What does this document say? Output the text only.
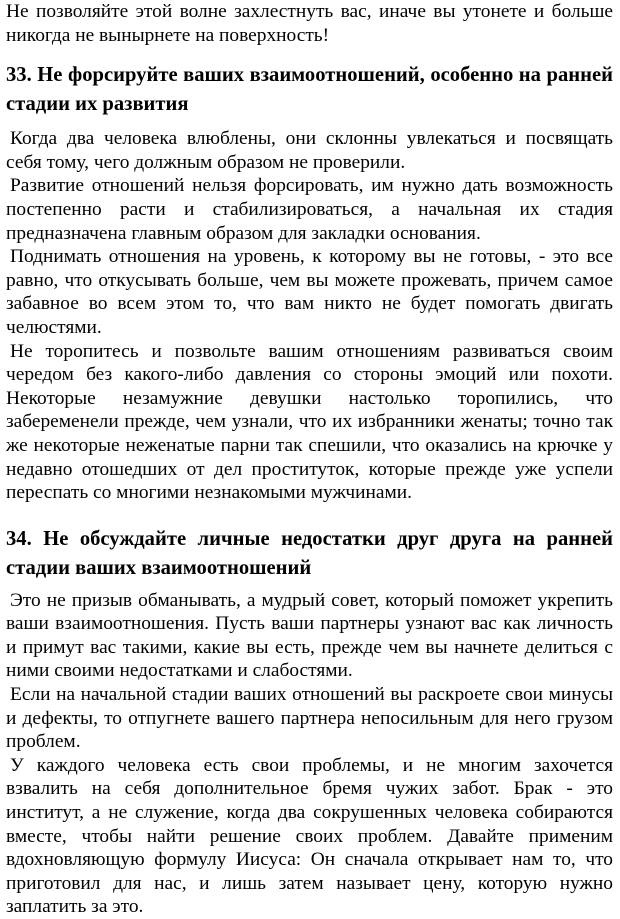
Не позволяйте этой волне захлестнуть вас, иначе вы утонете и больше никогда не вынырнете на поверхность!

33. Не форсируйте ваших взаимоотношений, особенно на ранней стадии их развития

Когда два человека влюблены, они склонны увлекаться и посвящать себя тому, чего должным образом не проверили.

Развитие отношений нельзя форсировать, им нужно дать возможность постепенно расти и стабилизироваться, а начальная их стадия предназначена главным образом для закладки основания.

Поднимать отношения на уровень, к которому вы не готовы, - это все равно, что откусывать больше, чем вы можете прожевать, причем самое забавное во всем этом то, что вам никто не будет помогать двигать челюстями.

Не торопитесь и позвольте вашим отношениям развиваться своим чередом без какого-либо давления со стороны эмоций или похоти. Некоторые незамужние девушки настолько торопились, что забеременели прежде, чем узнали, что их избранники женаты; точно так же некоторые неженатые парни так спешили, что оказались на крючке у недавно отошедших от дел проституток, которые прежде уже успели переспать со многими незнакомыми мужчинами.

34. Не обсуждайте личные недостатки друг друга на ранней стадии ваших взаимоотношений

Это не призыв обманывать, а мудрый совет, который поможет укрепить ваши взаимоотношения. Пусть ваши партнеры узнают вас как личность и примут вас такими, какие вы есть, прежде чем вы начнете делиться с ними своими недостатками и слабостями.

Если на начальной стадии ваших отношений вы раскроете свои минусы и дефекты, то отпугнете вашего партнера непосильным для него грузом проблем.

У каждого человека есть свои проблемы, и не многим захочется взвалить на себя дополнительное бремя чужих забот. Брак - это институт, а не служение, когда два сокрушенных человека собираются вместе, чтобы найти решение своих проблем. Давайте применим вдохновляющую формулу Иисуса: Он сначала открывает нам то, что приготовил для нас, и лишь затем называет цену, которую нужно заплатить за это.
